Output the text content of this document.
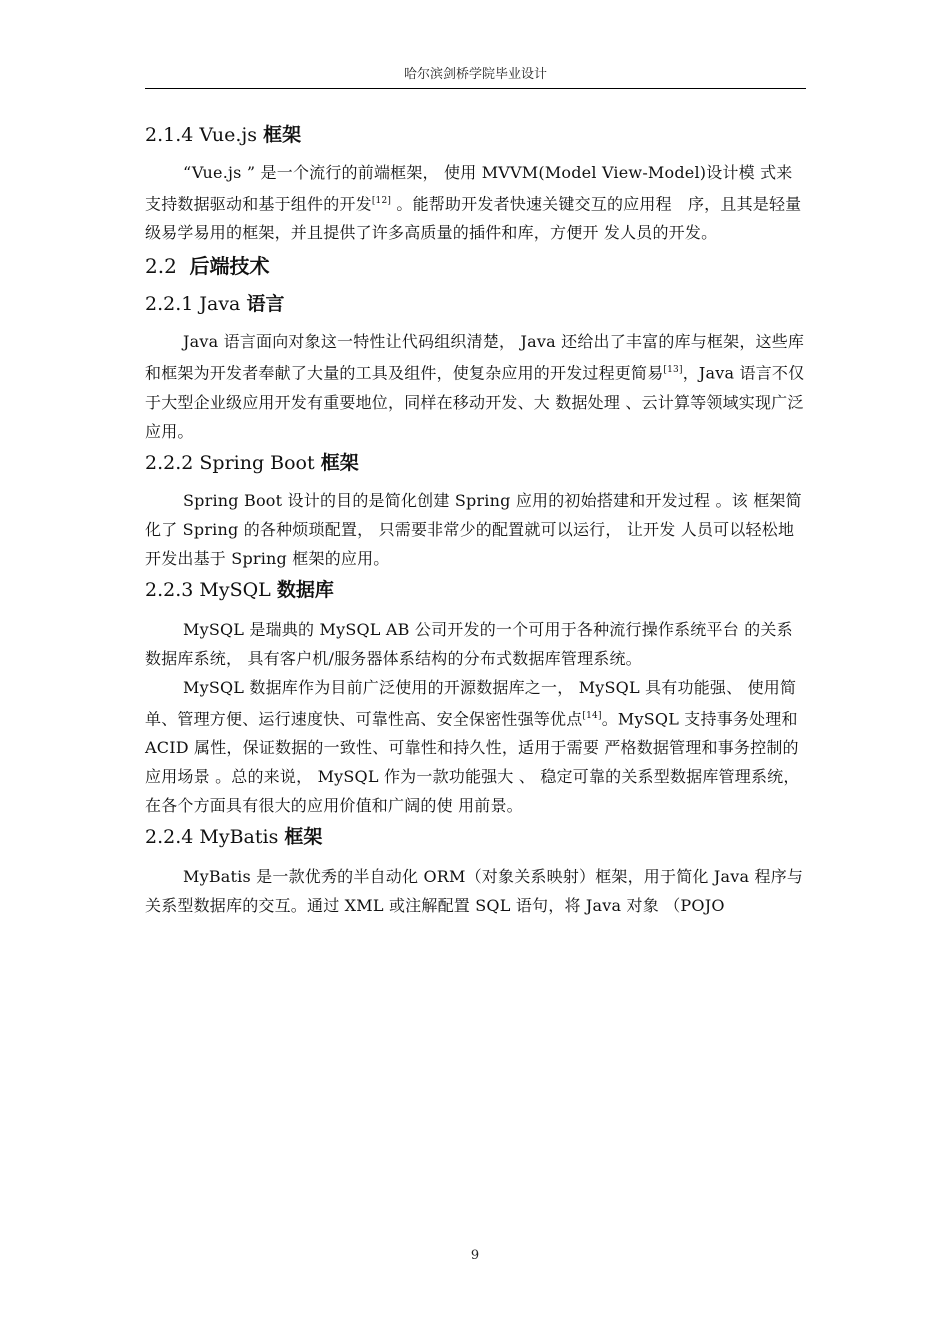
哈尔滨剑桥学院毕业设计
2.1.4 Vue.js 框架

“Vue.js ” 是一个流行的前端框架， 使用 MVVM(Model View-Model)设计模 式来支持数据驱动和基于组件的开发[12] 。能帮助开发者快速关键交互的应用程　序，且其是轻量级易学易用的框架，并且提供了许多高质量的插件和库，方便开 发人员的开发。

2.2 后端技术
2.2.1 Java 语言

Java 语言面向对象这一特性让代码组织清楚， Java 还给出了丰富的库与框架，这些库和框架为开发者奉献了大量的工具及组件，使复杂应用的开发过程更简易[13]，Java 语言不仅于大型企业级应用开发有重要地位，同样在移动开发、大 数据处理 、云计算等领域实现广泛应用。

2.2.2 Spring Boot 框架

Spring Boot 设计的目的是简化创建 Spring 应用的初始搭建和开发过程 。该 框架简化了 Spring 的各种烦琐配置， 只需要非常少的配置就可以运行， 让开发 人员可以轻松地开发出基于 Spring 框架的应用。

2.2.3 MySQL 数据库

MySQL 是瑞典的 MySQL AB 公司开发的一个可用于各种流行操作系统平台 的关系数据库系统， 具有客户机/服务器体系结构的分布式数据库管理系统。

MySQL 数据库作为目前广泛使用的开源数据库之一， MySQL 具有功能强、 使用简单、管理方便、运行速度快、可靠性高、安全保密性强等优点[14]。MySQL 支持事务处理和 ACID 属性，保证数据的一致性、可靠性和持久性，适用于需要 严格数据管理和事务控制的应用场景 。总的来说， MySQL 作为一款功能强大 、 稳定可靠的关系型数据库管理系统，在各个方面具有很大的应用价值和广阔的使 用前景。

2.2.4 MyBatis 框架

MyBatis 是一款优秀的半自动化 ORM（对象关系映射）框架，用于简化 Java 程序与关系型数据库的交互。通过 XML 或注解配置 SQL 语句，将 Java 对象 （POJO

9
